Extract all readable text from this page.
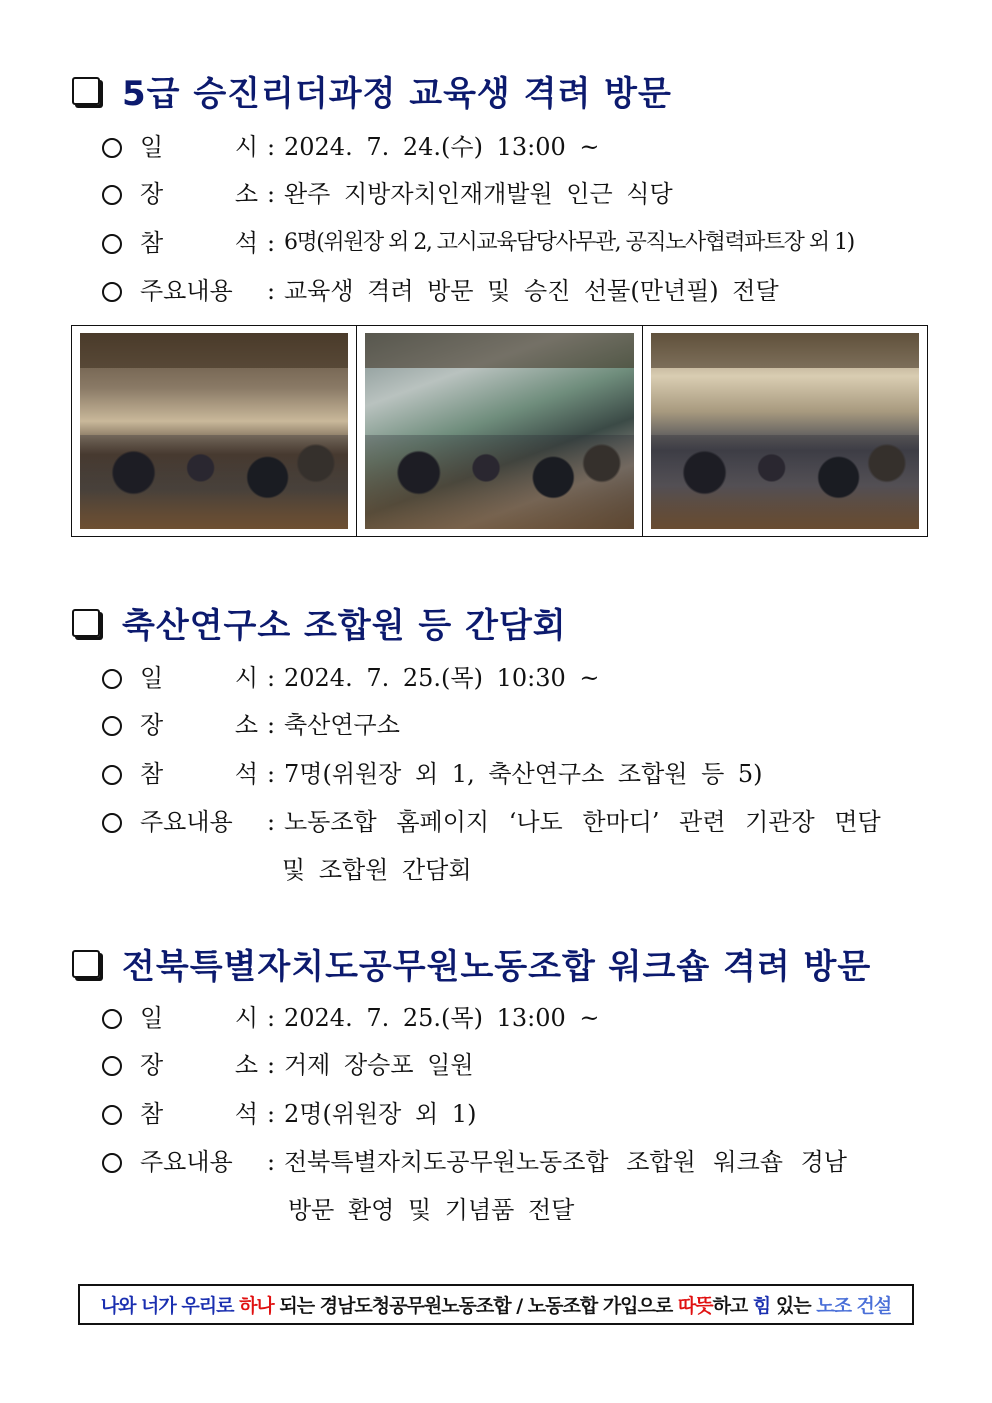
5급 승진리더과정 교육생 격려 방문
일	시 : 2024. 7. 24.(수) 13:00 ~
장	소 : 완주 지방자치인재개발원 인근 식당
참	석 : 6명(위원장 외 2, 고시교육담당사무관, 공직노사협력파트장 외 1)
주요내용	: 교육생 격려 방문 및 승진 선물(만년필) 전달
축산연구소 조합원 등 간담회
일	시 : 2024. 7. 25.(목) 10:30 ~
장	소 : 축산연구소
참	석 : 7명(위원장 외 1, 축산연구소 조합원 등 5)
주요내용	: 노동조합 홈페이지 ‘나도 한마디’ 관련 기관장 면담
및 조합원 간담회
전북특별자치도공무원노동조합 워크숍 격려 방문
일	시 : 2024. 7. 25.(목) 13:00 ~
장	소 : 거제 장승포 일원
참	석 : 2명(위원장 외 1)
주요내용	: 전북특별자치도공무원노동조합 조합원 워크숍 경남
방문 환영 및 기념품 전달
나와 너가 우리로 하나 되는 경남도청공무원노동조합 / 노동조합 가입으로 따뜻 하고 힘 있는 노조 건설
